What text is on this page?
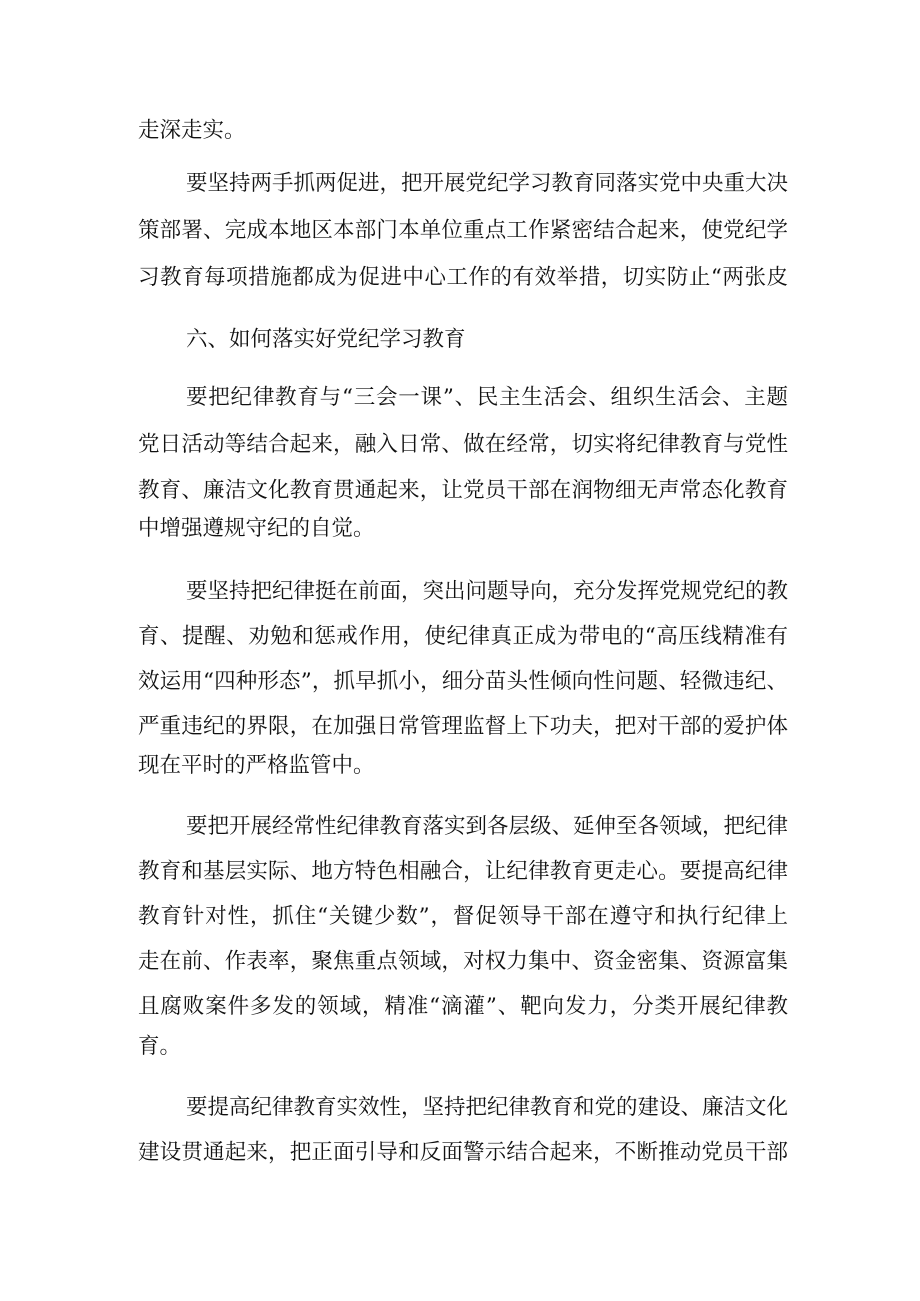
走深走实。
要坚持两手抓两促进，把开展党纪学习教育同落实党中央重大决
策部署、完成本地区本部门本单位重点工作紧密结合起来，使党纪学
习教育每项措施都成为促进中心工作的有效举措，切实防止“两张皮
六、如何落实好党纪学习教育
要把纪律教育与“三会一课”、民主生活会、组织生活会、主题
党日活动等结合起来，融入日常、做在经常，切实将纪律教育与党性
教育、廉洁文化教育贯通起来，让党员干部在润物细无声常态化教育
中增强遵规守纪的自觉。
要坚持把纪律挺在前面，突出问题导向，充分发挥党规党纪的教
育、提醒、劝勉和惩戒作用，使纪律真正成为带电的“高压线精准有
效运用“四种形态”，抓早抓小，细分苗头性倾向性问题、轻微违纪、
严重违纪的界限，在加强日常管理监督上下功夫，把对干部的爱护体
现在平时的严格监管中。
要把开展经常性纪律教育落实到各层级、延伸至各领域，把纪律
教育和基层实际、地方特色相融合，让纪律教育更走心。要提高纪律
教育针对性，抓住“关键少数”，督促领导干部在遵守和执行纪律上
走在前、作表率，聚焦重点领域，对权力集中、资金密集、资源富集
且腐败案件多发的领域，精准“滴灌”、靶向发力，分类开展纪律教
育。
要提高纪律教育实效性，坚持把纪律教育和党的建设、廉洁文化
建设贯通起来，把正面引导和反面警示结合起来，不断推动党员干部
